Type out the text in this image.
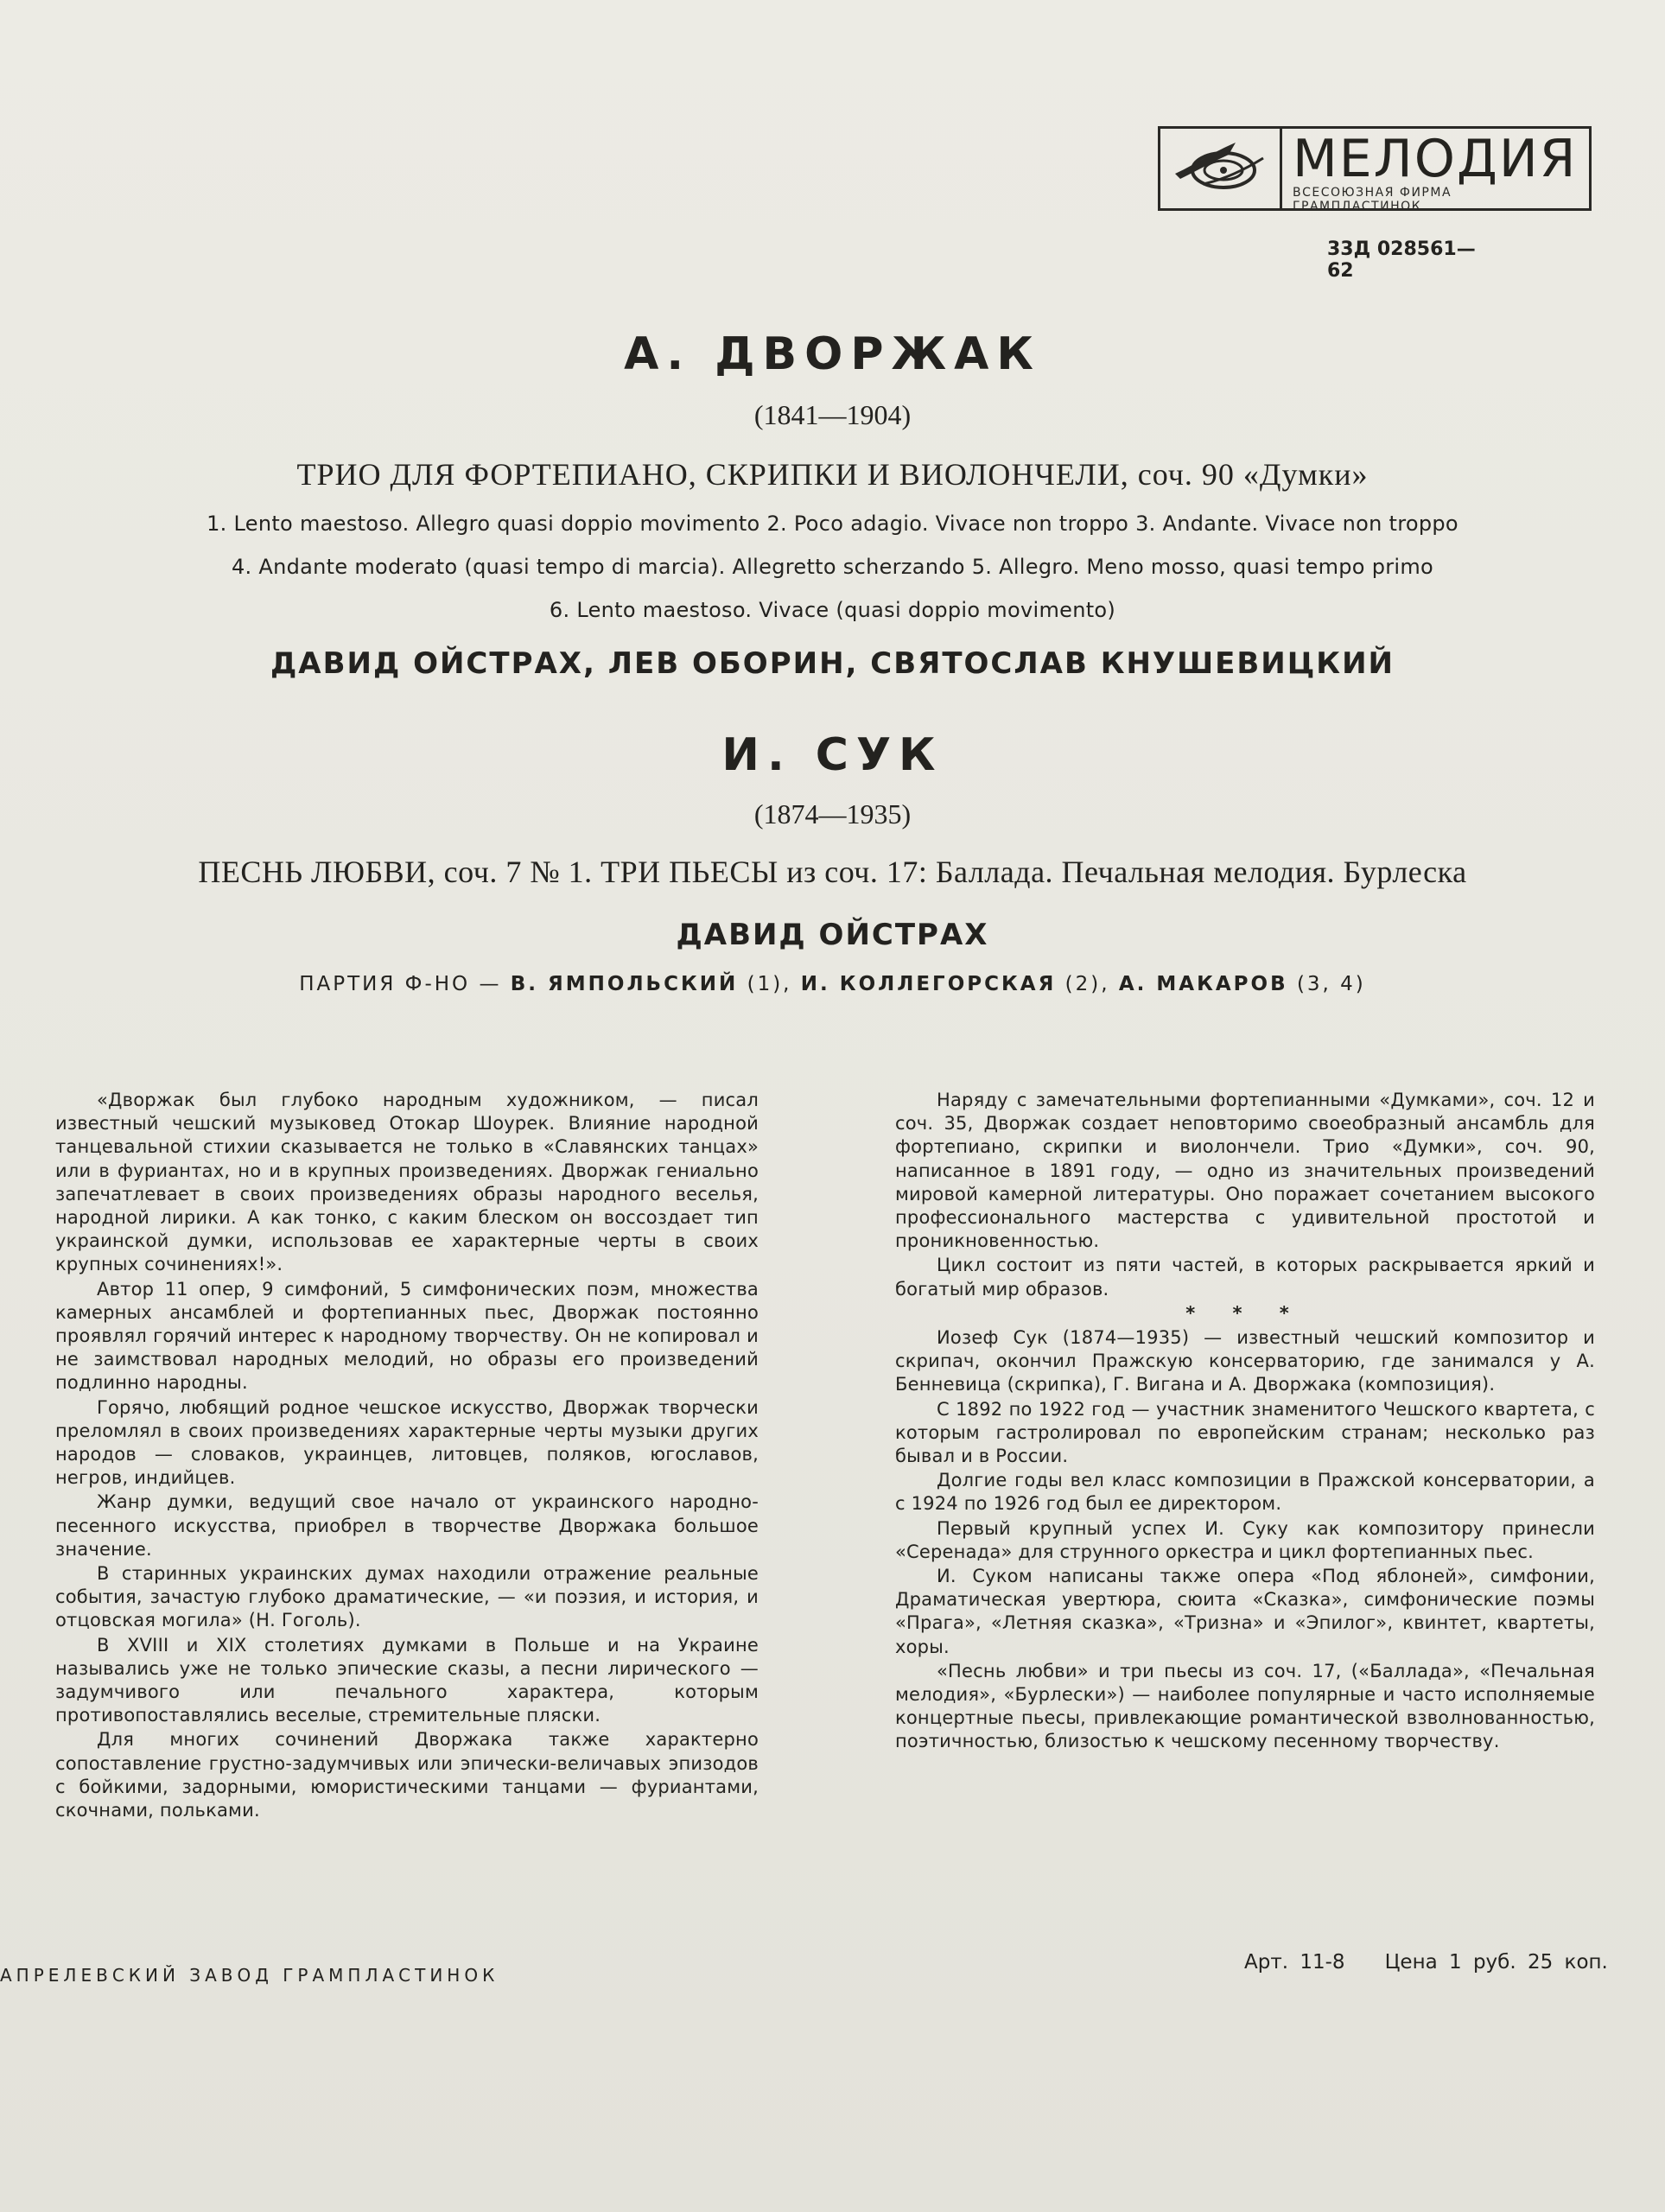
МЕЛОДИЯ
ВСЕСОЮЗНАЯ ФИРМА ГРАМПЛАСТИНОК
33Д 028561—62
А. ДВОРЖАК
(1841—1904)
ТРИО ДЛЯ ФОРТЕПИАНО, СКРИПКИ И ВИОЛОНЧЕЛИ, соч. 90 «Думки»
1. Lento maestoso. Allegro quasi doppio movimento 2. Poco adagio. Vivace non troppo 3. Andante. Vivace non troppo
4. Andante moderato (quasi tempo di marcia). Allegretto scherzando 5. Allegro. Meno mosso, quasi tempo primo
6. Lento maestoso. Vivace (quasi doppio movimento)
ДАВИД ОЙСТРАХ, ЛЕВ ОБОРИН, СВЯТОСЛАВ КНУШЕВИЦКИЙ
И. СУК
(1874—1935)
ПЕСНЬ ЛЮБВИ, соч. 7 № 1. ТРИ ПЬЕСЫ из соч. 17: Баллада. Печальная мелодия. Бурлеска
ДАВИД ОЙСТРАХ
ПАРТИЯ Ф-НО — В. ЯМПОЛЬСКИЙ (1), И. КОЛЛЕГОРСКАЯ (2), А. МАКАРОВ (3, 4)

«Дворжак был глубоко народным художником, — писал известный чешский музыковед Отокар Шоурек. Влияние народной танцевальной стихии сказывается не только в «Славянских танцах» или в фуриантах, но и в крупных произведениях. Дворжак гениально запечатлевает в своих произведениях образы народного веселья, народной лирики. А как тонко, с каким блеском он воссоздает тип украинской думки, использовав ее характерные черты в своих крупных сочинениях!».

Автор 11 опер, 9 симфоний, 5 симфонических поэм, множества камерных ансамблей и фортепианных пьес, Дворжак постоянно проявлял горячий интерес к народному творчеству. Он не копировал и не заимствовал народных мелодий, но образы его произведений подлинно народны.

Горячо, любящий родное чешское искусство, Дворжак творчески преломлял в своих произведениях характерные черты музыки других народов — словаков, украинцев, литовцев, поляков, югославов, негров, индийцев.

Жанр думки, ведущий свое начало от украинского народно-песенного искусства, приобрел в творчестве Дворжака большое значение.

В старинных украинских думах находили отражение реальные события, зачастую глубоко драматические, — «и поэзия, и история, и отцовская могила» (Н. Гоголь).

В XVIII и XIX столетиях думками в Польше и на Украине назывались уже не только эпические сказы, а песни лирического — задумчивого или печального характера, которым противопоставлялись веселые, стремительные пляски.

Для многих сочинений Дворжака также характерно сопоставление грустно-задумчивых или эпически-величавых эпизодов с бойкими, задорными, юмористическими танцами — фуриантами, скочнами, польками.

Наряду с замечательными фортепианными «Думками», соч. 12 и соч. 35, Дворжак создает неповторимо своеобразный ансамбль для фортепиано, скрипки и виолончели. Трио «Думки», соч. 90, написанное в 1891 году, — одно из значительных произведений мировой камерной литературы. Оно поражает сочетанием высокого профессионального мастерства с удивительной простотой и проникновенностью.

Цикл состоит из пяти частей, в которых раскрывается яркий и богатый мир образов.

* * *

Иозеф Сук (1874—1935) — известный чешский композитор и скрипач, окончил Пражскую консерваторию, где занимался у А. Бенневица (скрипка), Г. Вигана и А. Дворжака (композиция).

С 1892 по 1922 год — участник знаменитого Чешского квартета, с которым гастролировал по европейским странам; несколько раз бывал и в России.

Долгие годы вел класс композиции в Пражской консерватории, а с 1924 по 1926 год был ее директором.

Первый крупный успех И. Суку как композитору принесли «Серенада» для струнного оркестра и цикл фортепианных пьес.

И. Суком написаны также опера «Под яблоней», симфонии, Драматическая увертюра, сюита «Сказка», симфонические поэмы «Прага», «Летняя сказка», «Тризна» и «Эпилог», квинтет, квартеты, хоры.

«Песнь любви» и три пьесы из соч. 17, («Баллада», «Печальная мелодия», «Бурлески») — наиболее популярные и часто исполняемые концертные пьесы, привлекающие романтической взволнованностью, поэтичностью, близостью к чешскому песенному творчеству.

АПРЕЛЕВСКИЙ ЗАВОД ГРАМПЛАСТИНОК
Арт. 11-8 Цена 1 руб. 25 коп.
